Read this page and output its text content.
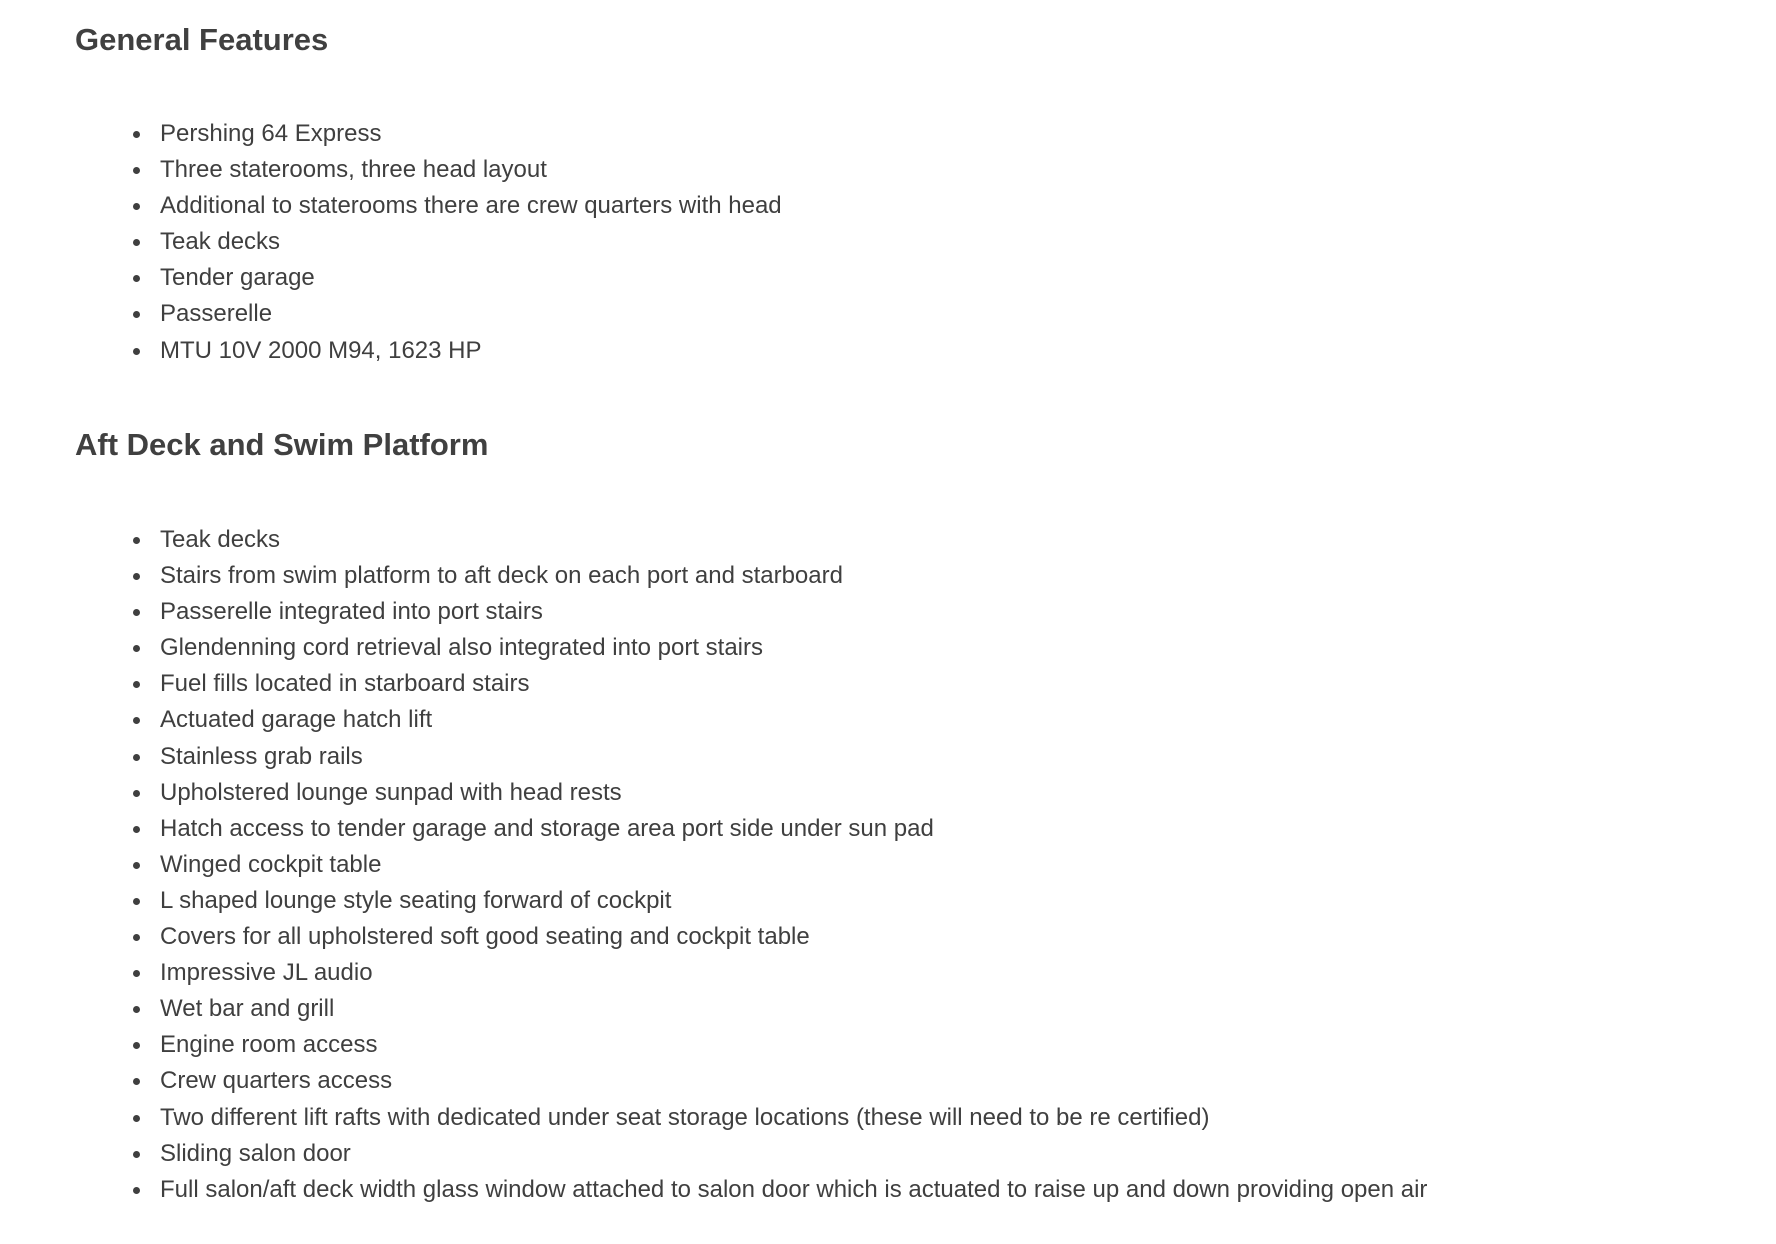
General Features
Pershing 64 Express
Three staterooms, three head layout
Additional to staterooms there are crew quarters with head
Teak decks
Tender garage
Passerelle
MTU 10V 2000 M94, 1623 HP
Aft Deck and Swim Platform
Teak decks
Stairs from swim platform to aft deck on each port and starboard
Passerelle integrated into port stairs
Glendenning cord retrieval also integrated into port stairs
Fuel fills located in starboard stairs
Actuated garage hatch lift
Stainless grab rails
Upholstered lounge sunpad with head rests
Hatch access to tender garage and storage area port side under sun pad
Winged cockpit table
L shaped lounge style seating forward of cockpit
Covers for all upholstered soft good seating and cockpit table
Impressive JL audio
Wet bar and grill
Engine room access
Crew quarters access
Two different lift rafts with dedicated under seat storage locations (these will need to be re certified)
Sliding salon door
Full salon/aft deck width glass window attached to salon door which is actuated to raise up and down providing open air
